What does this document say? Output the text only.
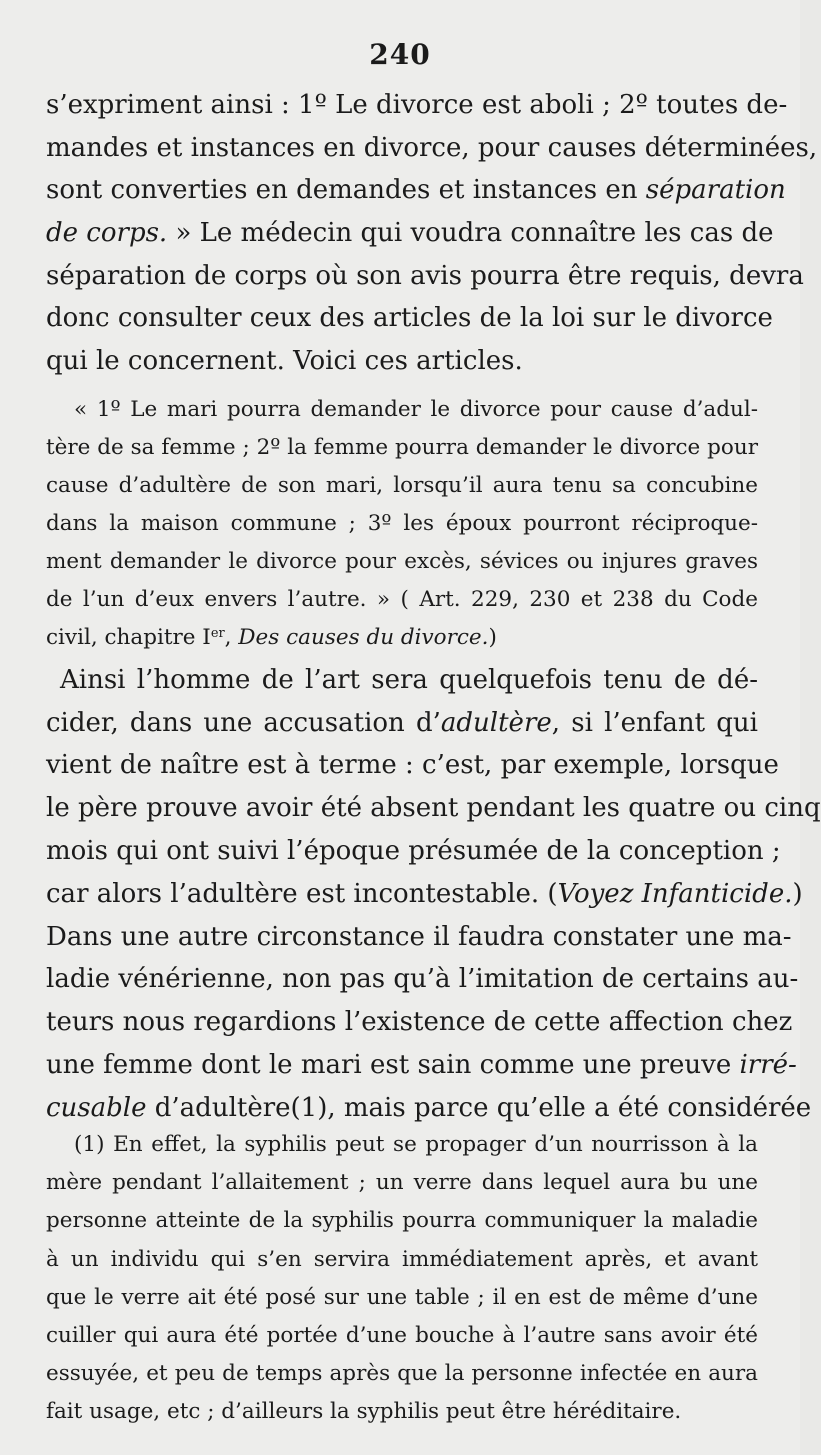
240
s’expriment ainsi : 1º Le divorce est aboli ; 2º toutes de-
mandes et instances en divorce, pour causes déterminées,
sont converties en demandes et instances en séparation
de corps. » Le médecin qui voudra connaître les cas de
séparation de corps où son avis pourra être requis, devra
donc consulter ceux des articles de la loi sur le divorce
qui le concernent. Voici ces articles.
« 1º Le mari pourra demander le divorce pour cause d’adul-
tère de sa femme ; 2º la femme pourra demander le divorce pour
cause d’adultère de son mari, lorsqu’il aura tenu sa concubine
dans la maison commune ; 3º les époux pourront réciproque-
ment demander le divorce pour excès, sévices ou injures graves
de l’un d’eux envers l’autre. » ( Art. 229, 230 et 238 du Code
civil, chapitre Ier, Des causes du divorce.)
Ainsi l’homme de l’art sera quelquefois tenu de dé-
cider, dans une accusation d’adultère, si l’enfant qui
vient de naître est à terme : c’est, par exemple, lorsque
le père prouve avoir été absent pendant les quatre ou cinq
mois qui ont suivi l’époque présumée de la conception ;
car alors l’adultère est incontestable. (Voyez Infanticide.)
Dans une autre circonstance il faudra constater une ma-
ladie vénérienne, non pas qu’à l’imitation de certains au-
teurs nous regardions l’existence de cette affection chez
une femme dont le mari est sain comme une preuve irré-
cusable d’adultère(1), mais parce qu’elle a été considérée
(1) En effet, la syphilis peut se propager d’un nourrisson à la
mère pendant l’allaitement ; un verre dans lequel aura bu une
personne atteinte de la syphilis pourra communiquer la maladie
à un individu qui s’en servira immédiatement après, et avant
que le verre ait été posé sur une table ; il en est de même d’une
cuiller qui aura été portée d’une bouche à l’autre sans avoir été
essuyée, et peu de temps après que la personne infectée en aura
fait usage, etc ; d’ailleurs la syphilis peut être héréditaire.
